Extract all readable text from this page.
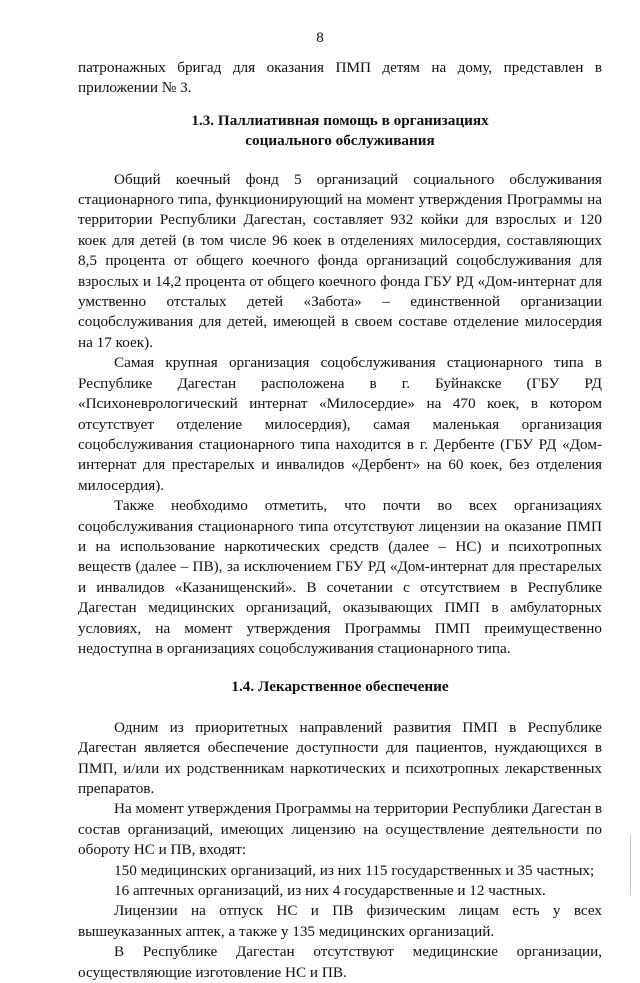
8

патронажных бригад для оказания ПМП детям на дому, представлен в приложении № 3.

1.3. Паллиативная помощь в организациях
социального обслуживания

Общий коечный фонд 5 организаций социального обслуживания стационарного типа, функционирующий на момент утверждения Программы на территории Республики Дагестан, составляет 932 койки для взрослых и 120 коек для детей (в том числе 96 коек в отделениях милосердия, составляющих 8,5 процента от общего коечного фонда организаций соцобслуживания для взрослых и 14,2 процента от общего коечного фонда ГБУ РД «Дом-интернат для умственно отсталых детей «Забота» – единственной организации соцобслуживания для детей, имеющей в своем составе отделение милосердия на 17 коек).

Самая крупная организация соцобслуживания стационарного типа в Республике Дагестан расположена в г. Буйнакске (ГБУ РД «Психоневрологический интернат «Милосердие» на 470 коек, в котором отсутствует отделение милосердия), самая маленькая организация соцобслуживания стационарного типа находится в г. Дербенте (ГБУ РД «Дом-интернат для престарелых и инвалидов «Дербент» на 60 коек, без отделения милосердия).

Также необходимо отметить, что почти во всех организациях соцобслуживания стационарного типа отсутствуют лицензии на оказание ПМП и на использование наркотических средств (далее – НС) и психотропных веществ (далее – ПВ), за исключением ГБУ РД «Дом-интернат для престарелых и инвалидов «Казанищенский». В сочетании с отсутствием в Республике Дагестан медицинских организаций, оказывающих ПМП в амбулаторных условиях, на момент утверждения Программы ПМП преимущественно недоступна в организациях соцобслуживания стационарного типа.

1.4. Лекарственное обеспечение

Одним из приоритетных направлений развития ПМП в Республике Дагестан является обеспечение доступности для пациентов, нуждающихся в ПМП, и/или их родственникам наркотических и психотропных лекарственных препаратов.

На момент утверждения Программы на территории Республики Дагестан в состав организаций, имеющих лицензию на осуществление деятельности по обороту НС и ПВ, входят:

150 медицинских организаций, из них 115 государственных и 35 частных;

16 аптечных организаций, из них 4 государственные и 12 частных.

Лицензии на отпуск НС и ПВ физическим лицам есть у всех вышеуказанных аптек, а также у 135 медицинских организаций.

В Республике Дагестан отсутствуют медицинские организации, осуществляющие изготовление НС и ПВ.
